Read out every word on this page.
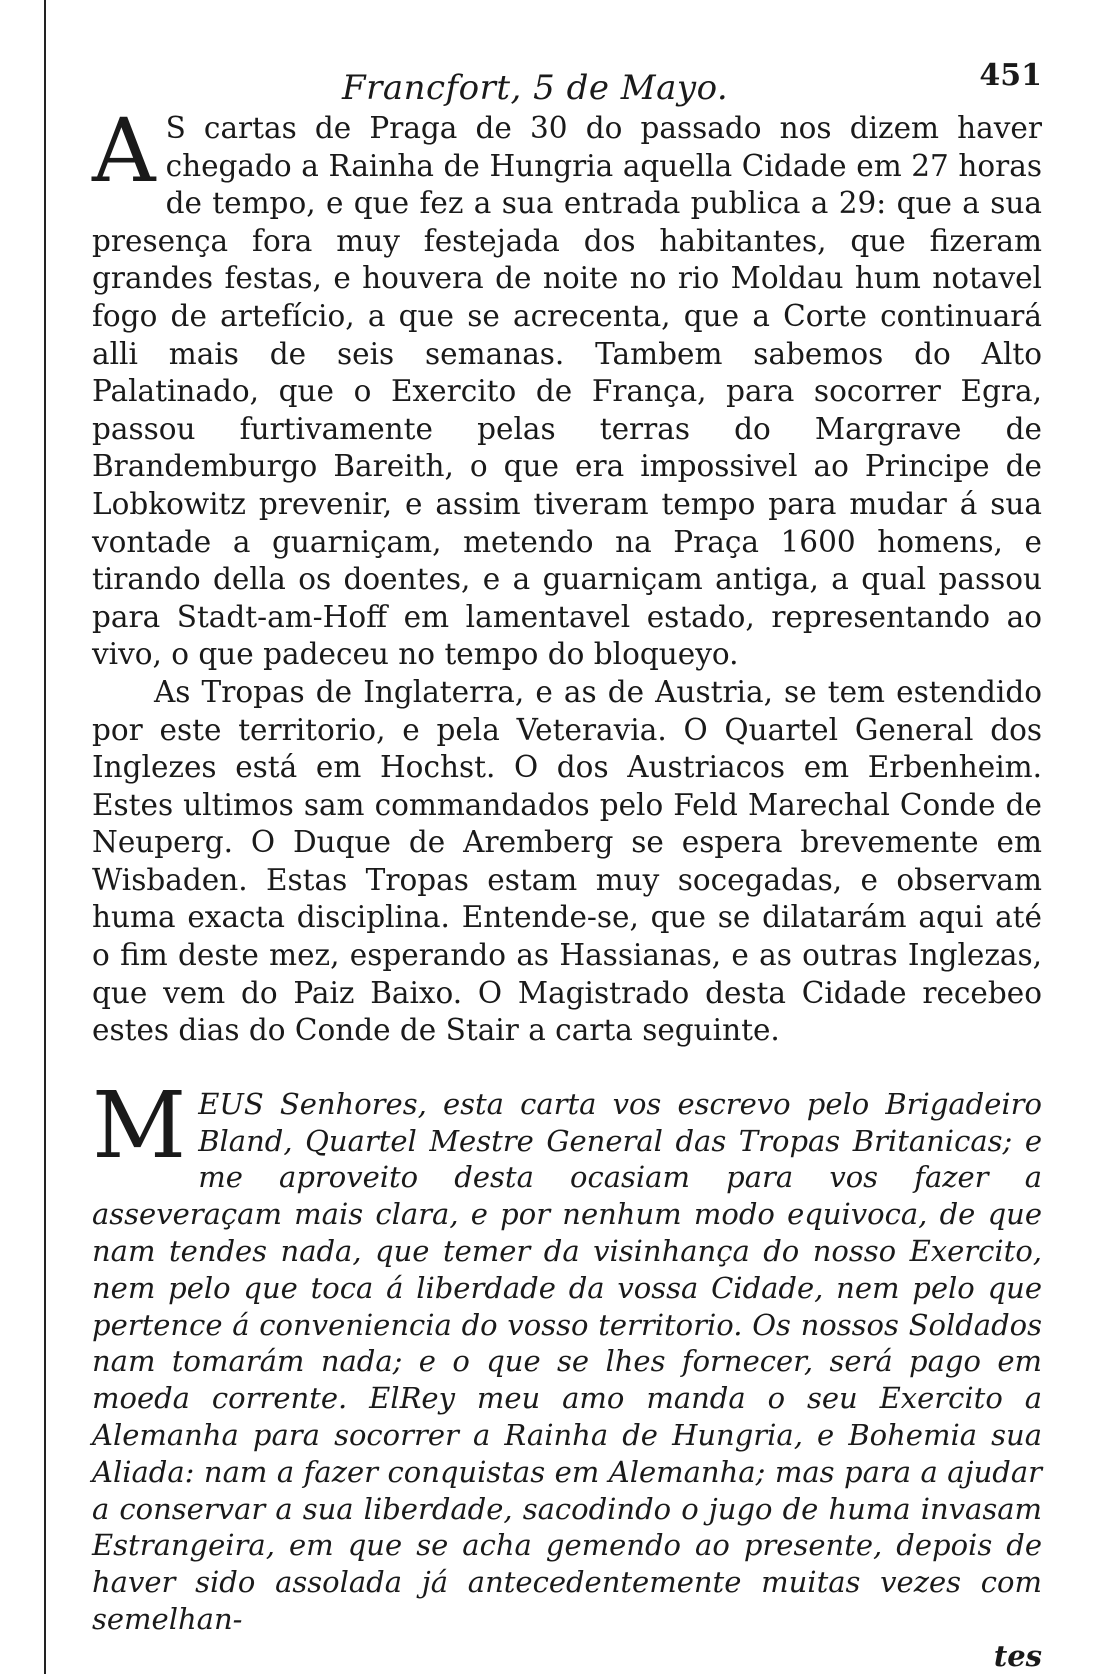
Francfort, 5 de Mayo.	451

A S cartas de Praga de 30 do passado nos dizem haver chegado a Rainha de Hungria aquella Cidade em 27 horas de tempo, e que fez a sua entrada publica a 29: que a sua presença fora muy festejada dos habitantes, que fizeram grandes festas, e houvera de noite no rio Moldau hum notavel fogo de artefício, a que se acrecenta, que a Corte continuará alli mais de seis semanas. Tambem sabemos do Alto Palatinado, que o Exercito de França, para socorrer Egra, passou furtivamente pelas terras do Margrave de Brandemburgo Bareith, o que era impossivel ao Principe de Lobkowitz prevenir, e assim tiveram tempo para mudar á sua vontade a guarniçam, metendo na Praça 1600 homens, e tirando della os doentes, e a guarniçam antiga, a qual passou para Stadt-am-Hoff em lamentavel estado, representando ao vivo, o que padeceu no tempo do bloqueyo.

As Tropas de Inglaterra, e as de Austria, se tem estendido por este territorio, e pela Veteravia. O Quartel General dos Inglezes está em Hochst. O dos Austriacos em Erbenheim. Estes ultimos sam commandados pelo Feld Marechal Conde de Neuperg. O Duque de Aremberg se espera brevemente em Wisbaden. Estas Tropas estam muy socegadas, e observam huma exacta disciplina. Entende-se, que se dilatarám aqui até o fim deste mez, esperando as Hassianas, e as outras Inglezas, que vem do Paiz Baixo. O Magistrado desta Cidade recebeo estes dias do Conde de Stair a carta seguinte.

M EUS Senhores, esta carta vos escrevo pelo Brigadeiro Bland, Quartel Mestre General das Tropas Britanicas; e me aproveito desta ocasiam para vos fazer a asseveraçam mais clara, e por nenhum modo equivoca, de que nam tendes nada, que temer da visinhança do nosso Exercito, nem pelo que toca á liberdade da vossa Cidade, nem pelo que pertence á conveniencia do vosso territorio. Os nossos Soldados nam tomarám nada; e o que se lhes fornecer, será pago em moeda corrente. ElRey meu amo manda o seu Exercito a Alemanha para socorrer a Rainha de Hungria, e Bohemia sua Aliada: nam a fazer conquistas em Alemanha; mas para a ajudar a conservar a sua liberdade, sacodindo o jugo de huma invasam Estrangeira, em que se acha gemendo ao presente, depois de haver sido assolada já antecedentemente muitas vezes com semelhan-

tes
